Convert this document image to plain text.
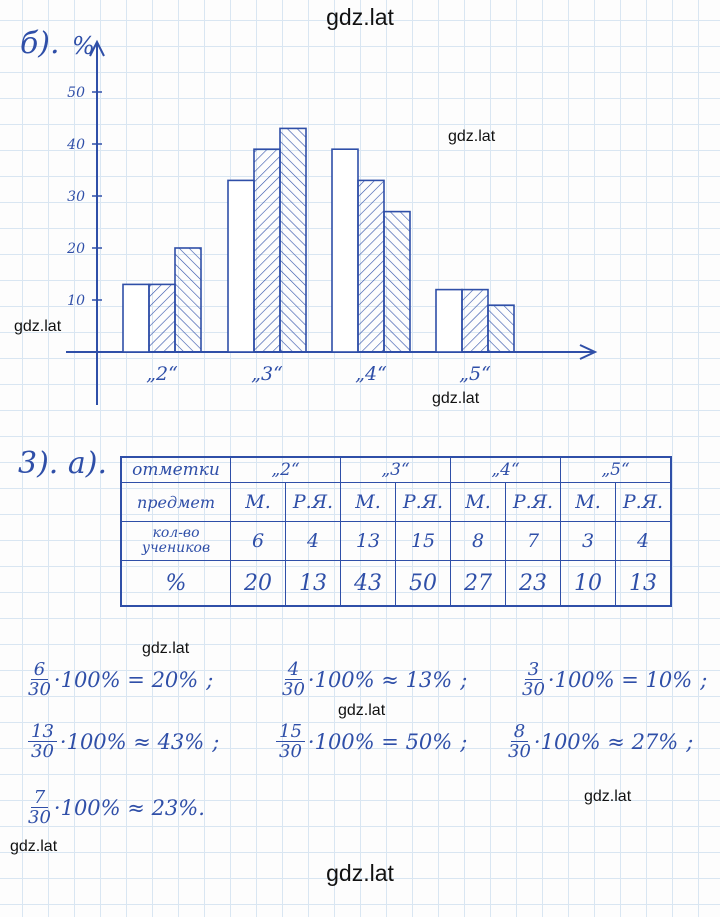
gdz.lat
gdz.lat
gdz.lat
gdz.lat
gdz.lat
gdz.lat
gdz.lat
gdz.lat
gdz.lat
б). %
10
20
30
40
50
„2“	„3“	„4“	„5“
3). а). отметки	„2“		„3“		„4“		„5“	
предмет	М.	Р.Я.	М.	Р.Я.	М.	Р.Я.	М.	Р.Я.
кол-во учеников	6	4	13	15	8	7	3	4
%	20	13	43	50	27	23	10	13
$\frac{6}{30} \cdot 100\% = 20\%$ ;	$\frac{4}{30} \cdot 100\% \approx 13\%$ ;	$\frac{3}{30} \cdot 100\% = 10\%$ ;
$\frac{13}{30} \cdot 100\% \approx 43\%$ ;	$\frac{15}{30} \cdot 100\% = 50\%$ ; $\frac{8}{30} \cdot 100\% \approx 27\%$ ;
$\frac{7}{30} \cdot 100\% \approx 23\%$.
